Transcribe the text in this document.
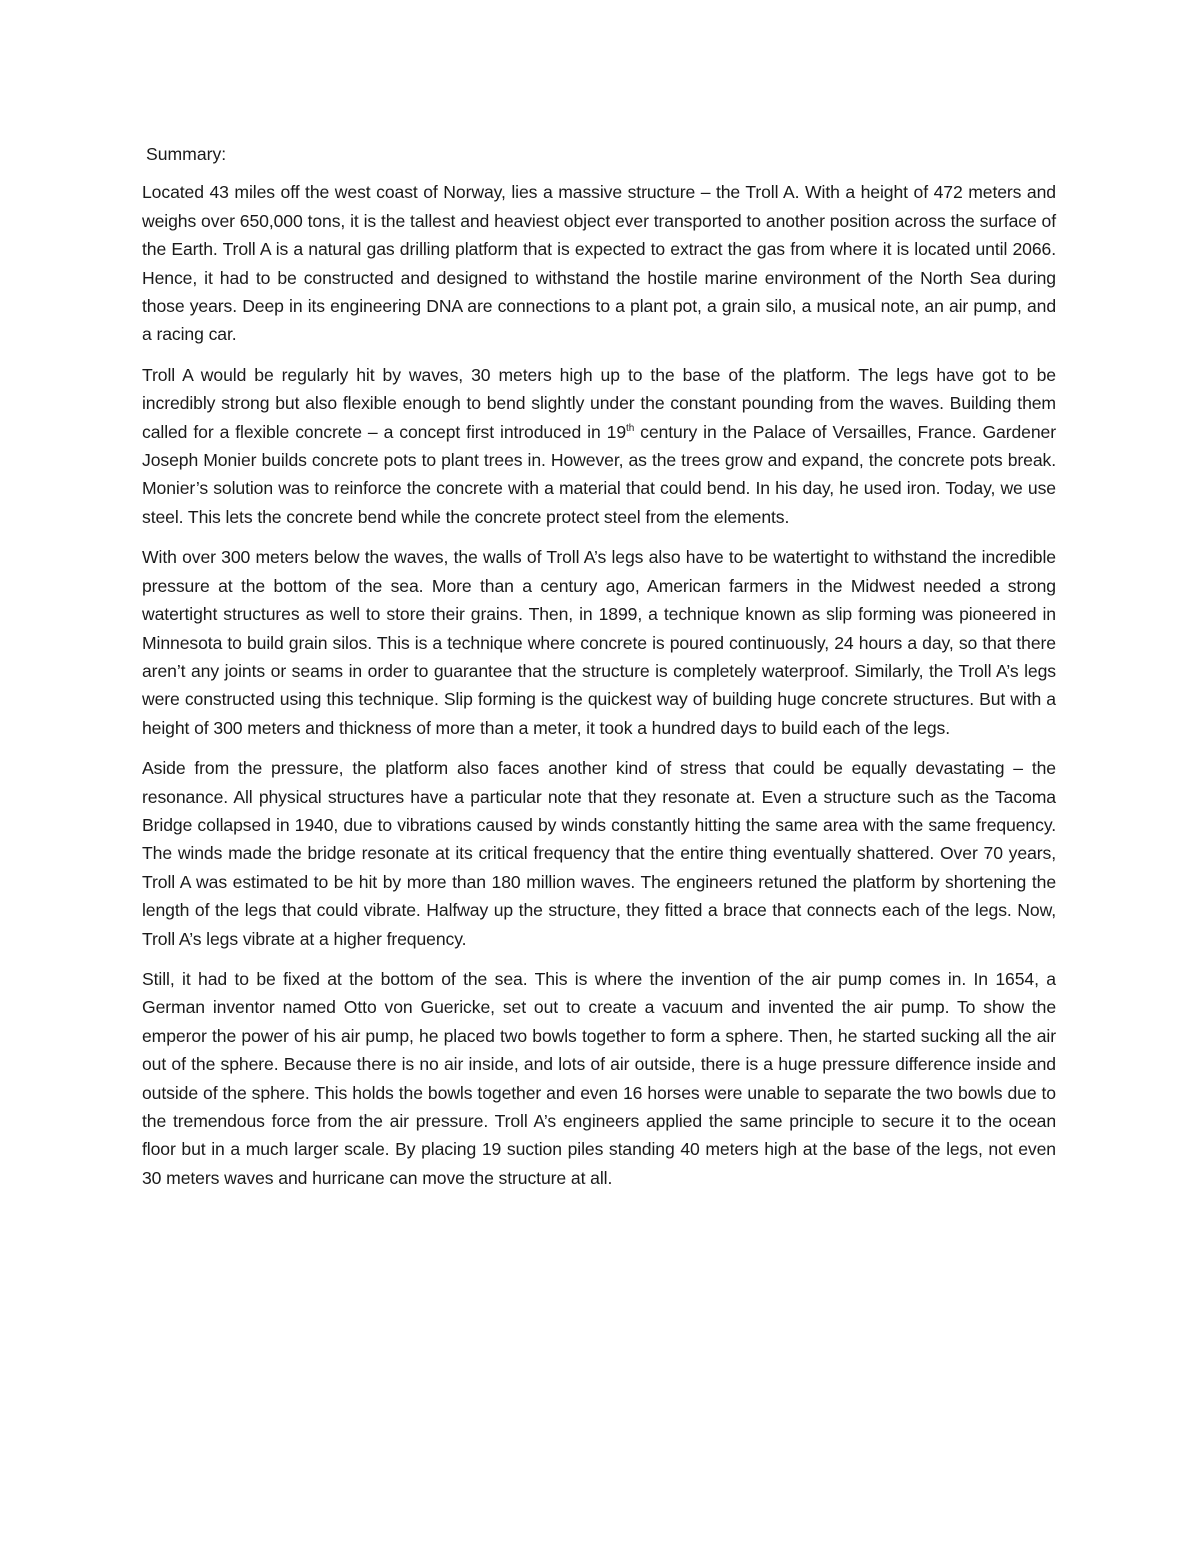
Summary:

Located 43 miles off the west coast of Norway, lies a massive structure – the Troll A. With a height of 472 meters and weighs over 650,000 tons, it is the tallest and heaviest object ever transported to another position across the surface of the Earth. Troll A is a natural gas drilling platform that is expected to extract the gas from where it is located until 2066. Hence, it had to be constructed and designed to withstand the hostile marine environment of the North Sea during those years. Deep in its engineering DNA are connections to a plant pot, a grain silo, a musical note, an air pump, and a racing car.

Troll A would be regularly hit by waves, 30 meters high up to the base of the platform. The legs have got to be incredibly strong but also flexible enough to bend slightly under the constant pounding from the waves. Building them called for a flexible concrete – a concept first introduced in 19th century in the Palace of Versailles, France. Gardener Joseph Monier builds concrete pots to plant trees in. However, as the trees grow and expand, the concrete pots break. Monier’s solution was to reinforce the concrete with a material that could bend. In his day, he used iron. Today, we use steel. This lets the concrete bend while the concrete protect steel from the elements.

With over 300 meters below the waves, the walls of Troll A’s legs also have to be watertight to withstand the incredible pressure at the bottom of the sea. More than a century ago, American farmers in the Midwest needed a strong watertight structures as well to store their grains. Then, in 1899, a technique known as slip forming was pioneered in Minnesota to build grain silos. This is a technique where concrete is poured continuously, 24 hours a day, so that there aren’t any joints or seams in order to guarantee that the structure is completely waterproof. Similarly, the Troll A’s legs were constructed using this technique. Slip forming is the quickest way of building huge concrete structures. But with a height of 300 meters and thickness of more than a meter, it took a hundred days to build each of the legs.

Aside from the pressure, the platform also faces another kind of stress that could be equally devastating – the resonance. All physical structures have a particular note that they resonate at. Even a structure such as the Tacoma Bridge collapsed in 1940, due to vibrations caused by winds constantly hitting the same area with the same frequency. The winds made the bridge resonate at its critical frequency that the entire thing eventually shattered. Over 70 years, Troll A was estimated to be hit by more than 180 million waves. The engineers retuned the platform by shortening the length of the legs that could vibrate. Halfway up the structure, they fitted a brace that connects each of the legs. Now, Troll A’s legs vibrate at a higher frequency.

Still, it had to be fixed at the bottom of the sea. This is where the invention of the air pump comes in. In 1654, a German inventor named Otto von Guericke, set out to create a vacuum and invented the air pump. To show the emperor the power of his air pump, he placed two bowls together to form a sphere. Then, he started sucking all the air out of the sphere. Because there is no air inside, and lots of air outside, there is a huge pressure difference inside and outside of the sphere. This holds the bowls together and even 16 horses were unable to separate the two bowls due to the tremendous force from the air pressure. Troll A’s engineers applied the same principle to secure it to the ocean floor but in a much larger scale. By placing 19 suction piles standing 40 meters high at the base of the legs, not even 30 meters waves and hurricane can move the structure at all.
